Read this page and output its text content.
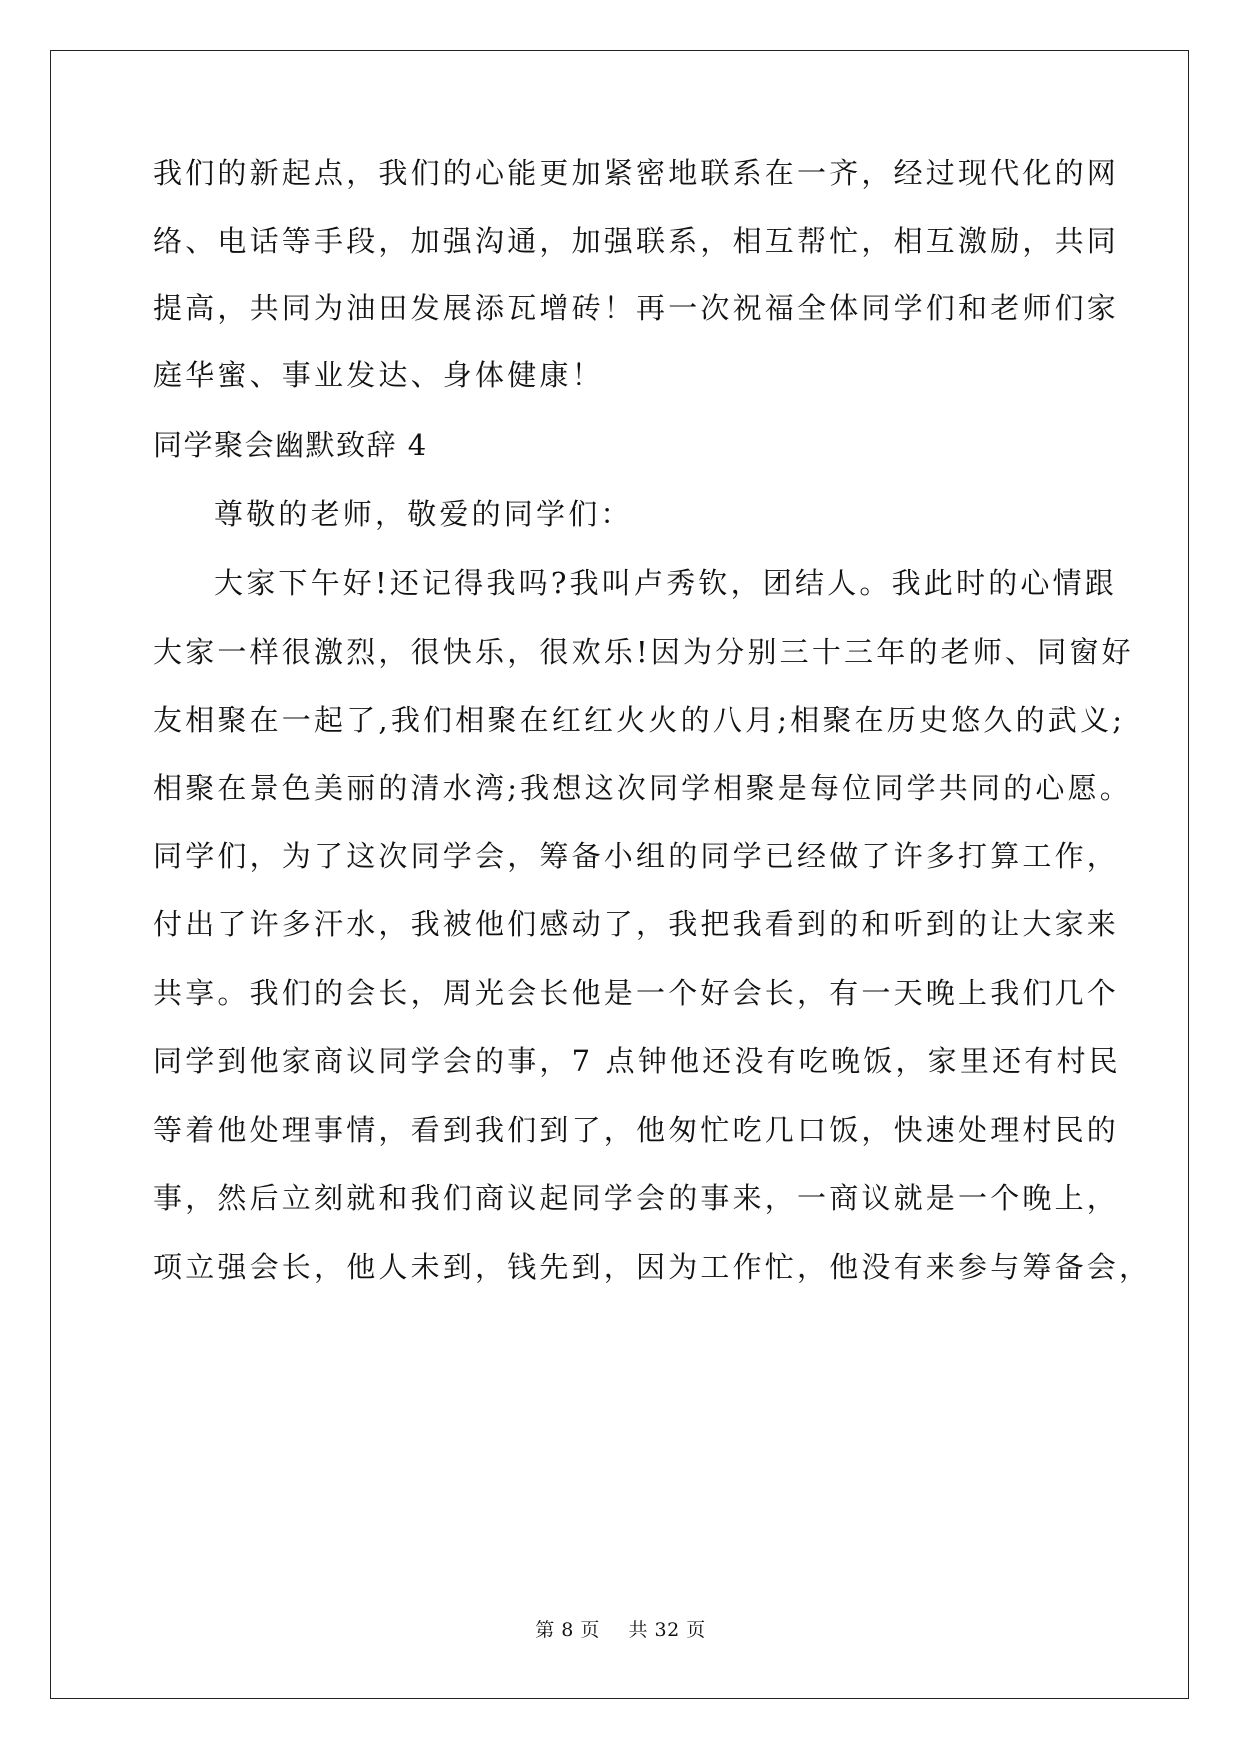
我们的新起点，我们的心能更加紧密地联系在一齐，经过现代化的网
络、电话等手段，加强沟通，加强联系，相互帮忙，相互激励，共同
提高，共同为油田发展添瓦增砖！再一次祝福全体同学们和老师们家
庭华蜜、事业发达、身体健康！
同学聚会幽默致辞 4
尊敬的老师，敬爱的同学们：
大家下午好!还记得我吗?我叫卢秀钦，团结人。我此时的心情跟
大家一样很激烈，很快乐，很欢乐!因为分别三十三年的老师、同窗好
友相聚在一起了,我们相聚在红红火火的八月;相聚在历史悠久的武义;
相聚在景色美丽的清水湾;我想这次同学相聚是每位同学共同的心愿。
同学们，为了这次同学会，筹备小组的同学已经做了许多打算工作，
付出了许多汗水，我被他们感动了，我把我看到的和听到的让大家来
共享。我们的会长，周光会长他是一个好会长，有一天晚上我们几个
同学到他家商议同学会的事，7 点钟他还没有吃晚饭，家里还有村民
等着他处理事情，看到我们到了，他匆忙吃几口饭，快速处理村民的
事，然后立刻就和我们商议起同学会的事来，一商议就是一个晚上，
项立强会长，他人未到，钱先到，因为工作忙，他没有来参与筹备会，
第 8 页 共 32 页
